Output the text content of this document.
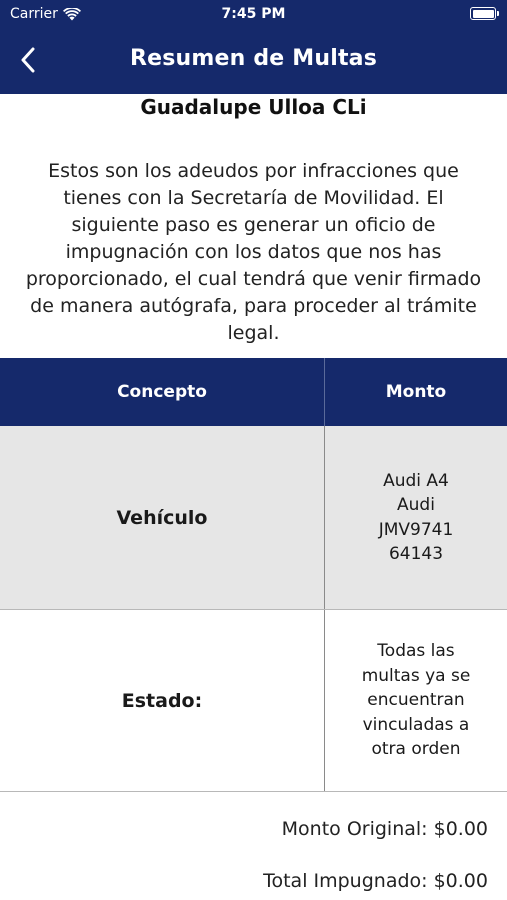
Carrier	7:45 PM
Resumen de Multas
Guadalupe Ulloa CLi
Estos son los adeudos por infracciones que tienes con la Secretaría de Movilidad. El siguiente paso es generar un oficio de impugnación con los datos que nos has proporcionado, el cual tendrá que venir firmado de manera autógrafa, para proceder al trámite legal.
Concepto	Monto
Vehículo
Audi A4
Audi
JMV9741
64143
Estado:
Todas las
multas ya se
encuentran
vinculadas a
otra orden
Monto Original: $0.00
Total Impugnado: $0.00
